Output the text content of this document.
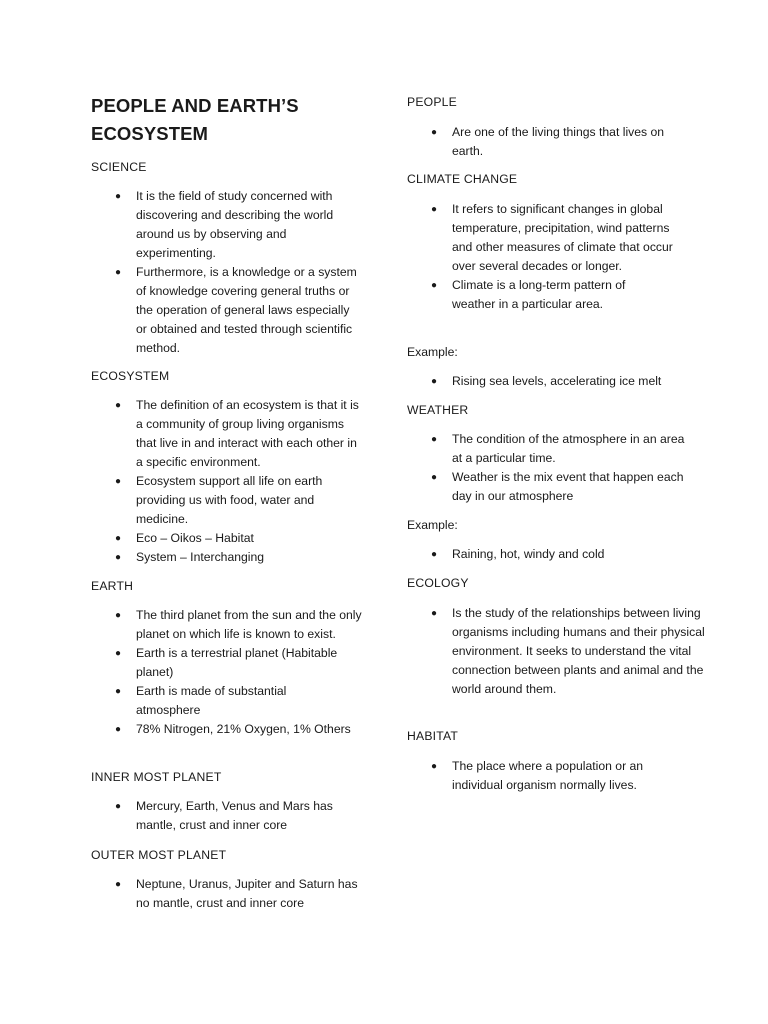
PEOPLE AND EARTH’S ECOSYSTEM

SCIENCE

● It is the field of study concerned with discovering and describing the world around us by observing and experimenting.
● Furthermore, is a knowledge or a system of knowledge covering general truths or the operation of general laws especially or obtained and tested through scientific method.

ECOSYSTEM

● The definition of an ecosystem is that it is a community of group living organisms that live in and interact with each other in a specific environment.
● Ecosystem support all life on earth providing us with food, water and medicine.
● Eco – Oikos – Habitat
● System – Interchanging

EARTH

● The third planet from the sun and the only planet on which life is known to exist.
● Earth is a terrestrial planet (Habitable planet)
● Earth is made of substantial atmosphere
● 78% Nitrogen, 21% Oxygen, 1% Others

INNER MOST PLANET

● Mercury, Earth, Venus and Mars has mantle, crust and inner core

OUTER MOST PLANET

● Neptune, Uranus, Jupiter and Saturn has no mantle, crust and inner core

PEOPLE

● Are one of the living things that lives on earth.

CLIMATE CHANGE

● It refers to significant changes in global temperature, precipitation, wind patterns and other measures of climate that occur over several decades or longer.
● Climate is a long-term pattern of weather in a particular area.

Example:

● Rising sea levels, accelerating ice melt

WEATHER

● The condition of the atmosphere in an area at a particular time.
● Weather is the mix event that happen each day in our atmosphere

Example:

● Raining, hot, windy and cold

ECOLOGY

● Is the study of the relationships between living organisms including humans and their physical environment. It seeks to understand the vital connection between plants and animal and the world around them.

HABITAT

● The place where a population or an individual organism normally lives.
